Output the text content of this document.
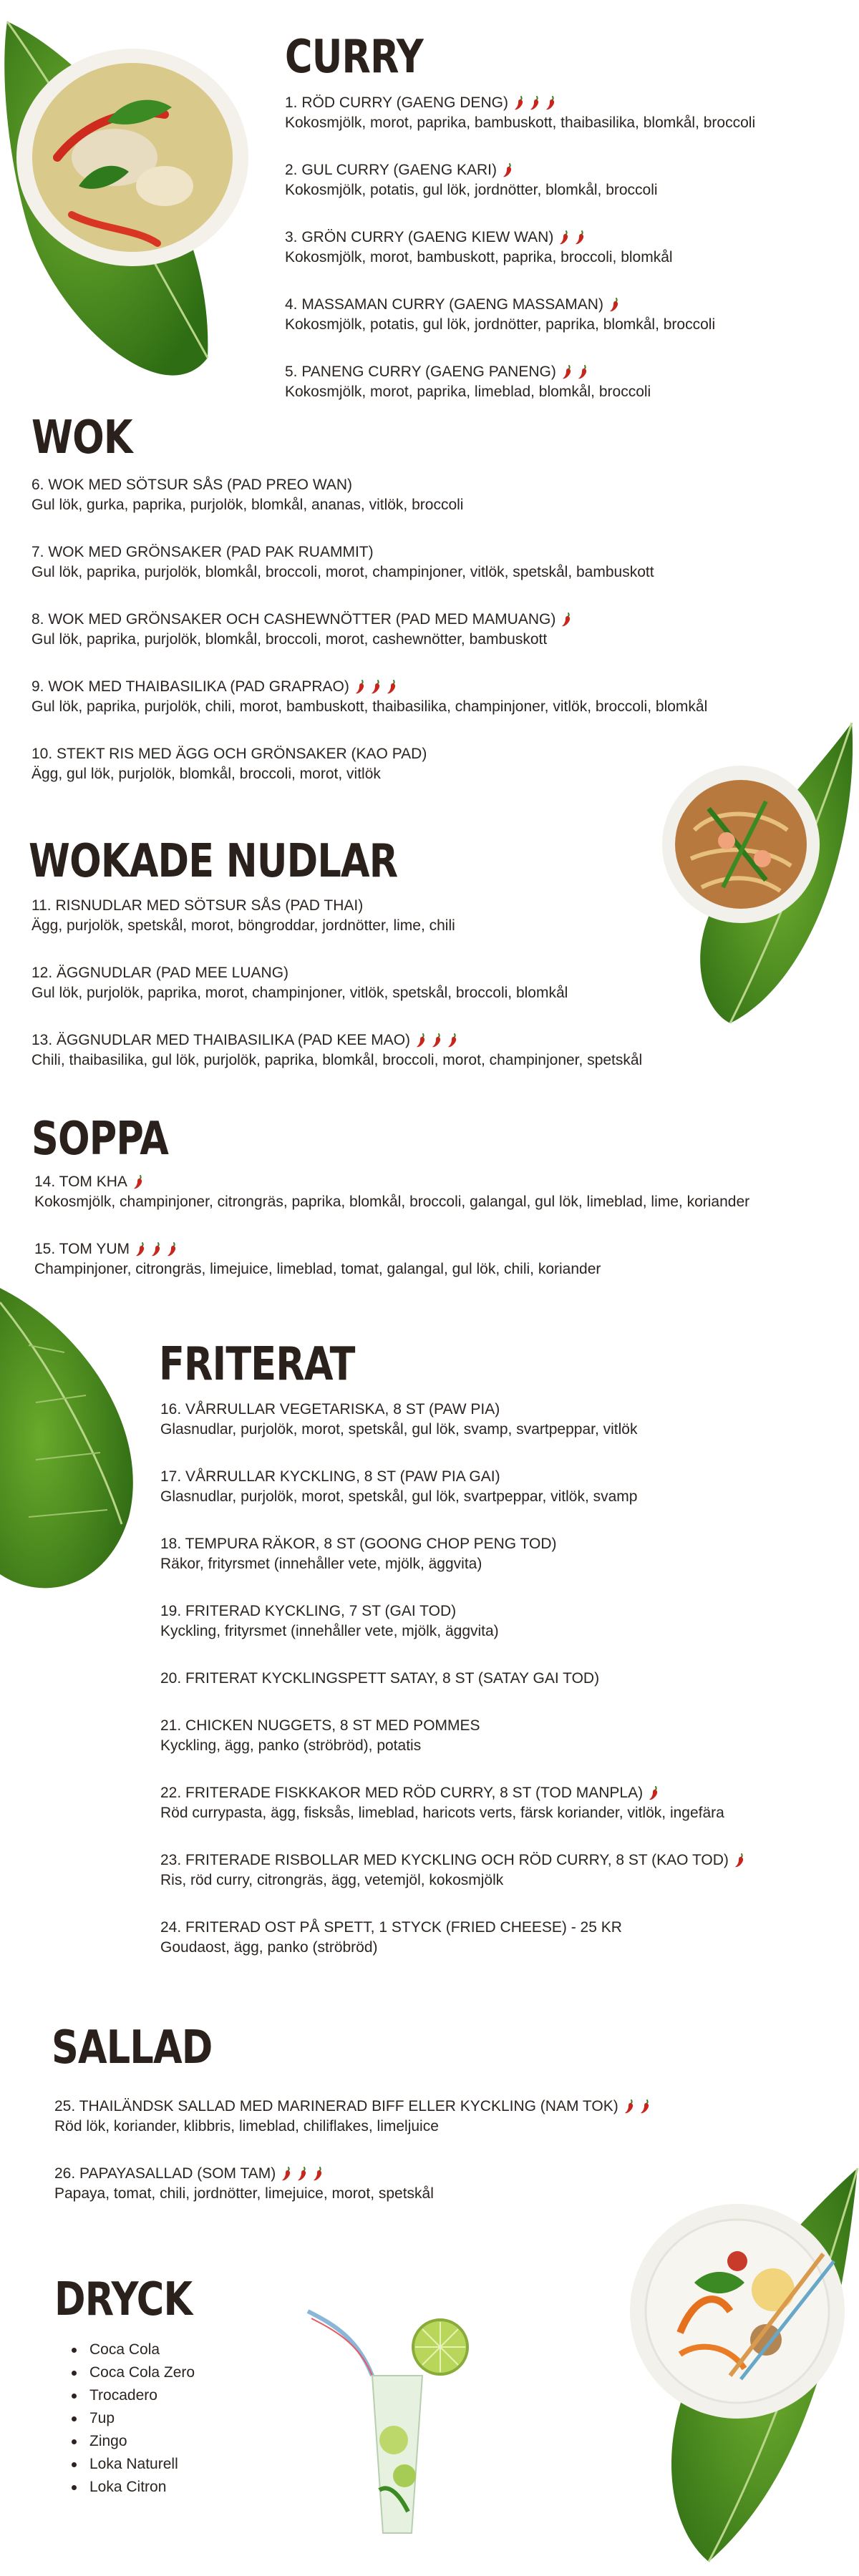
CURRY
1. RÖD CURRY (GAENG DENG)
Kokosmjölk, morot, paprika, bambuskott, thaibasilika, blomkål, broccoli
2. GUL CURRY (GAENG KARI)
Kokosmjölk, potatis, gul lök, jordnötter, blomkål, broccoli
3. GRÖN CURRY (GAENG KIEW WAN)
Kokosmjölk, morot, bambuskott, paprika, broccoli, blomkål
4. MASSAMAN CURRY (GAENG MASSAMAN)
Kokosmjölk, potatis, gul lök, jordnötter, paprika, blomkål, broccoli
5. PANENG CURRY (GAENG PANENG)
Kokosmjölk, morot, paprika, limeblad, blomkål, broccoli
WOK
6. WOK MED SÖTSUR SÅS (PAD PREO WAN)
Gul lök, gurka, paprika, purjolök, blomkål, ananas, vitlök, broccoli
7. WOK MED GRÖNSAKER (PAD PAK RUAMMIT)
Gul lök, paprika, purjolök, blomkål, broccoli, morot, champinjoner, vitlök, spetskål, bambuskott
8. WOK MED GRÖNSAKER OCH CASHEWNÖTTER (PAD MED MAMUANG)
Gul lök, paprika, purjolök, blomkål, broccoli, morot, cashewnötter, bambuskott
9. WOK MED THAIBASILIKA (PAD GRAPRAO)
Gul lök, paprika, purjolök, chili, morot, bambuskott, thaibasilika, champinjoner, vitlök, broccoli, blomkål
10. STEKT RIS MED ÄGG OCH GRÖNSAKER (KAO PAD)
Ägg, gul lök, purjolök, blomkål, broccoli, morot, vitlök
WOKADE NUDLAR
11. RISNUDLAR MED SÖTSUR SÅS (PAD THAI)
Ägg, purjolök, spetskål, morot, böngroddar, jordnötter, lime, chili
12. ÄGGNUDLAR (PAD MEE LUANG)
Gul lök, purjolök, paprika, morot, champinjoner, vitlök, spetskål, broccoli, blomkål
13. ÄGGNUDLAR MED THAIBASILIKA (PAD KEE MAO)
Chili, thaibasilika, gul lök, purjolök, paprika, blomkål, broccoli, morot, champinjoner, spetskål
SOPPA
14. TOM KHA
Kokosmjölk, champinjoner, citrongräs, paprika, blomkål, broccoli, galangal, gul lök, limeblad, lime, koriander
15. TOM YUM
Champinjoner, citrongräs, limejuice, limeblad, tomat, galangal, gul lök, chili, koriander
FRITERAT
16. VÅRRULLAR VEGETARISKA, 8 ST (PAW PIA)
Glasnudlar, purjolök, morot, spetskål, gul lök, svamp, svartpeppar, vitlök
17. VÅRRULLAR KYCKLING, 8 ST (PAW PIA GAI)
Glasnudlar, purjolök, morot, spetskål, gul lök, svartpeppar, vitlök, svamp
18. TEMPURA RÄKOR, 8 ST (GOONG CHOP PENG TOD)
Räkor, frityrsmet (innehåller vete, mjölk, äggvita)
19. FRITERAD KYCKLING, 7 ST (GAI TOD)
Kyckling, frityrsmet (innehåller vete, mjölk, äggvita)
20. FRITERAT KYCKLINGSPETT SATAY, 8 ST (SATAY GAI TOD)
21. CHICKEN NUGGETS, 8 ST MED POMMES
Kyckling, ägg, panko (ströbröd), potatis
22. FRITERADE FISKKAKOR MED RÖD CURRY, 8 ST (TOD MANPLA)
Röd currypasta, ägg, fisksås, limeblad, haricots verts, färsk koriander, vitlök, ingefära
23. FRITERADE RISBOLLAR MED KYCKLING OCH RÖD CURRY, 8 ST (KAO TOD)
Ris, röd curry, citrongräs, ägg, vetemjöl, kokosmjölk
24. FRITERAD OST PÅ SPETT, 1 STYCK (FRIED CHEESE) - 25 KR
Goudaost, ägg, panko (ströbröd)
SALLAD
25. THAILÄNDSK SALLAD MED MARINERAD BIFF ELLER KYCKLING (NAM TOK)
Röd lök, koriander, klibbris, limeblad, chiliflakes, limeljuice
26. PAPAYASALLAD (SOM TAM)
Papaya, tomat, chili, jordnötter, limejuice, morot, spetskål
DRYCK
Coca Cola
Coca Cola Zero
Trocadero
7up
Zingo
Loka Naturell
Loka Citron
